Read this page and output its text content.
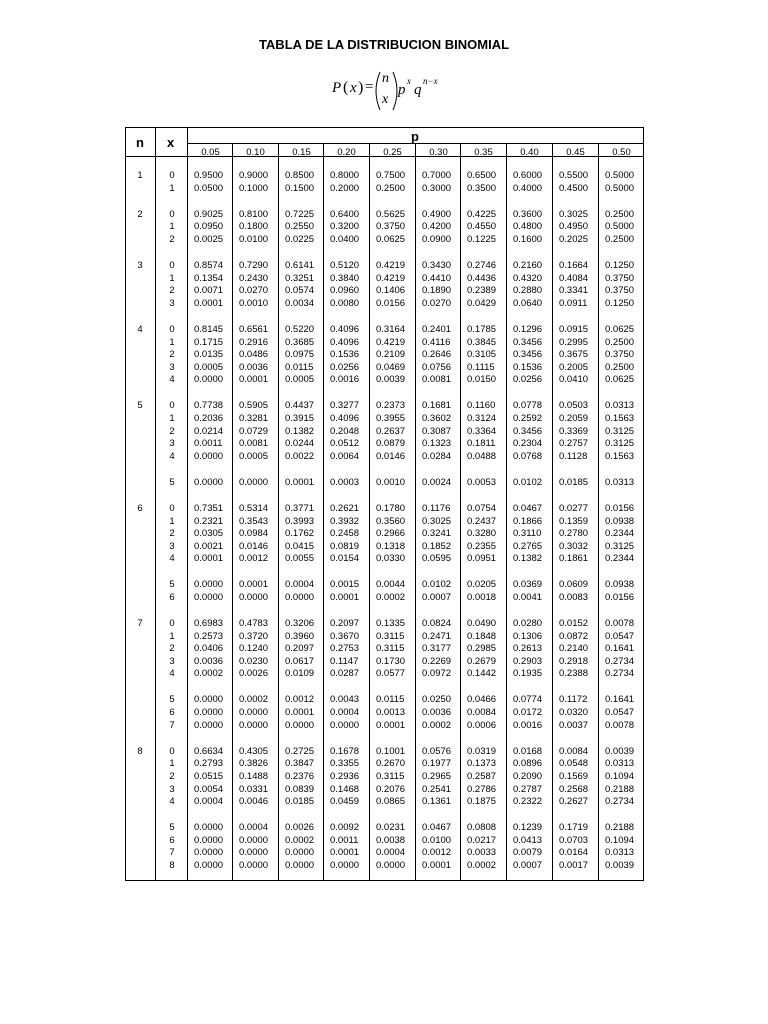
TABLA DE LA DISTRIBUCION BINOMIAL
P ( x ) =
n
x
p
x
q
n−x
n x	p
0.05	0.10	0.15	0.20	0.25	0.30	0.35	0.40	0.45	0.50
1	0	0.9500 0.9000 0.8500 0.8000 0.7500 0.7000 0.6500 0.6000 0.5500 0.5000
1	0.0500 0.1000 0.1500 0.2000 0.2500 0.3000 0.3500 0.4000 0.4500 0.5000
2	0	0.9025 0.8100 0.7225 0.6400 0.5625 0.4900 0.4225 0.3600 0.3025 0.2500
1	0.0950 0.1800 0.2550 0.3200 0.3750 0.4200 0.4550 0.4800 0.4950 0.5000
2	0.0025 0.0100 0.0225 0.0400 0.0625 0.0900 0.1225 0.1600 0.2025 0.2500
3	0	0.8574 0.7290 0.6141 0.5120 0.4219 0.3430 0.2746 0.2160 0.1664 0.1250
1	0.1354 0.2430 0.3251 0.3840 0.4219 0.4410 0.4436 0.4320 0.4084 0.3750
2	0.0071 0.0270 0.0574 0.0960 0.1406 0.1890 0.2389 0.2880 0.3341 0.3750
3	0.0001 0.0010 0.0034 0.0080 0.0156 0.0270 0.0429 0.0640 0.0911 0.1250
4	0	0.8145 0.6561 0.5220 0.4096 0.3164 0.2401 0.1785 0.1296 0.0915 0.0625
1	0.1715 0.2916 0.3685 0.4096 0.4219 0.4116 0.3845 0.3456 0.2995 0.2500
2	0.0135 0.0486 0.0975 0.1536 0.2109 0.2646 0.3105 0.3456 0.3675 0.3750
3	0.0005 0.0036 0.0115 0.0256 0.0469 0.0756 0.1115 0.1536 0.2005 0.2500
4	0.0000 0.0001 0.0005 0.0016 0.0039 0.0081 0.0150 0.0256 0.0410 0.0625
5	0	0.7738 0.5905 0.4437 0.3277 0.2373 0.1681 0.1160 0.0778 0.0503 0.0313
1	0.2036 0.3281 0.3915 0.4096 0.3955 0.3602 0.3124 0.2592 0.2059 0.1563
2	0.0214 0.0729 0.1382 0.2048 0.2637 0.3087 0.3364 0.3456 0.3369 0.3125
3	0.0011 0.0081 0.0244 0.0512 0.0879 0.1323 0.1811 0.2304 0.2757 0.3125
4	0.0000 0.0005 0.0022 0.0064 0.0146 0.0284 0.0488 0.0768 0.1128 0.1563
5	0.0000 0.0000 0.0001 0.0003 0.0010 0.0024 0.0053 0.0102 0.0185 0.0313
6	0	0.7351 0.5314 0.3771 0.2621 0.1780 0.1176 0.0754 0.0467 0.0277 0.0156
1	0.2321 0.3543 0.3993 0.3932 0.3560 0.3025 0.2437 0.1866 0.1359 0.0938
2	0.0305 0.0984 0.1762 0.2458 0.2966 0.3241 0.3280 0.3110 0.2780 0.2344
3	0.0021 0.0146 0.0415 0.0819 0.1318 0.1852 0.2355 0.2765 0.3032 0.3125
4	0.0001 0.0012 0.0055 0.0154 0.0330 0.0595 0.0951 0.1382 0.1861 0.2344
5	0.0000 0.0001 0.0004 0.0015 0.0044 0.0102 0.0205 0.0369 0.0609 0.0938
6	0.0000 0.0000 0.0000 0.0001 0.0002 0.0007 0.0018 0.0041 0.0083 0.0156
7	0	0.6983 0.4783 0.3206 0.2097 0.1335 0.0824 0.0490 0.0280 0.0152 0.0078
1	0.2573 0.3720 0.3960 0.3670 0.3115 0.2471 0.1848 0.1306 0.0872 0.0547
2	0.0406 0.1240 0.2097 0.2753 0.3115 0.3177 0.2985 0.2613 0.2140 0.1641
3	0.0036 0.0230 0.0617 0.1147 0.1730 0.2269 0.2679 0.2903 0.2918 0.2734
4	0.0002 0.0026 0.0109 0.0287 0.0577 0.0972 0.1442 0.1935 0.2388 0.2734
5	0.0000 0.0002 0.0012 0.0043 0.0115 0.0250 0.0466 0.0774 0.1172 0.1641
6	0.0000 0.0000 0.0001 0.0004 0.0013 0.0036 0.0084 0.0172 0.0320 0.0547
7	0.0000 0.0000 0.0000 0.0000 0.0001 0.0002 0.0006 0.0016 0.0037 0.0078
8	0	0.6634 0.4305 0.2725 0.1678 0.1001 0.0576 0.0319 0.0168 0.0084 0.0039
1	0.2793 0.3826 0.3847 0.3355 0.2670 0.1977 0.1373 0.0896 0.0548 0.0313
2	0.0515 0.1488 0.2376 0.2936 0.3115 0.2965 0.2587 0.2090 0.1569 0.1094
3	0.0054 0.0331 0.0839 0.1468 0.2076 0.2541 0.2786 0.2787 0.2568 0.2188
4	0.0004 0.0046 0.0185 0.0459 0.0865 0.1361 0.1875 0.2322 0.2627 0.2734
5	0.0000 0.0004 0.0026 0.0092 0.0231 0.0467 0.0808 0.1239 0.1719 0.2188
6	0.0000 0.0000 0.0002 0.0011 0.0038 0.0100 0.0217 0.0413 0.0703 0.1094
7	0.0000 0.0000 0.0000 0.0001 0.0004 0.0012 0.0033 0.0079 0.0164 0.0313
8	0.0000 0.0000 0.0000 0.0000 0.0000 0.0001 0.0002 0.0007 0.0017 0.0039
